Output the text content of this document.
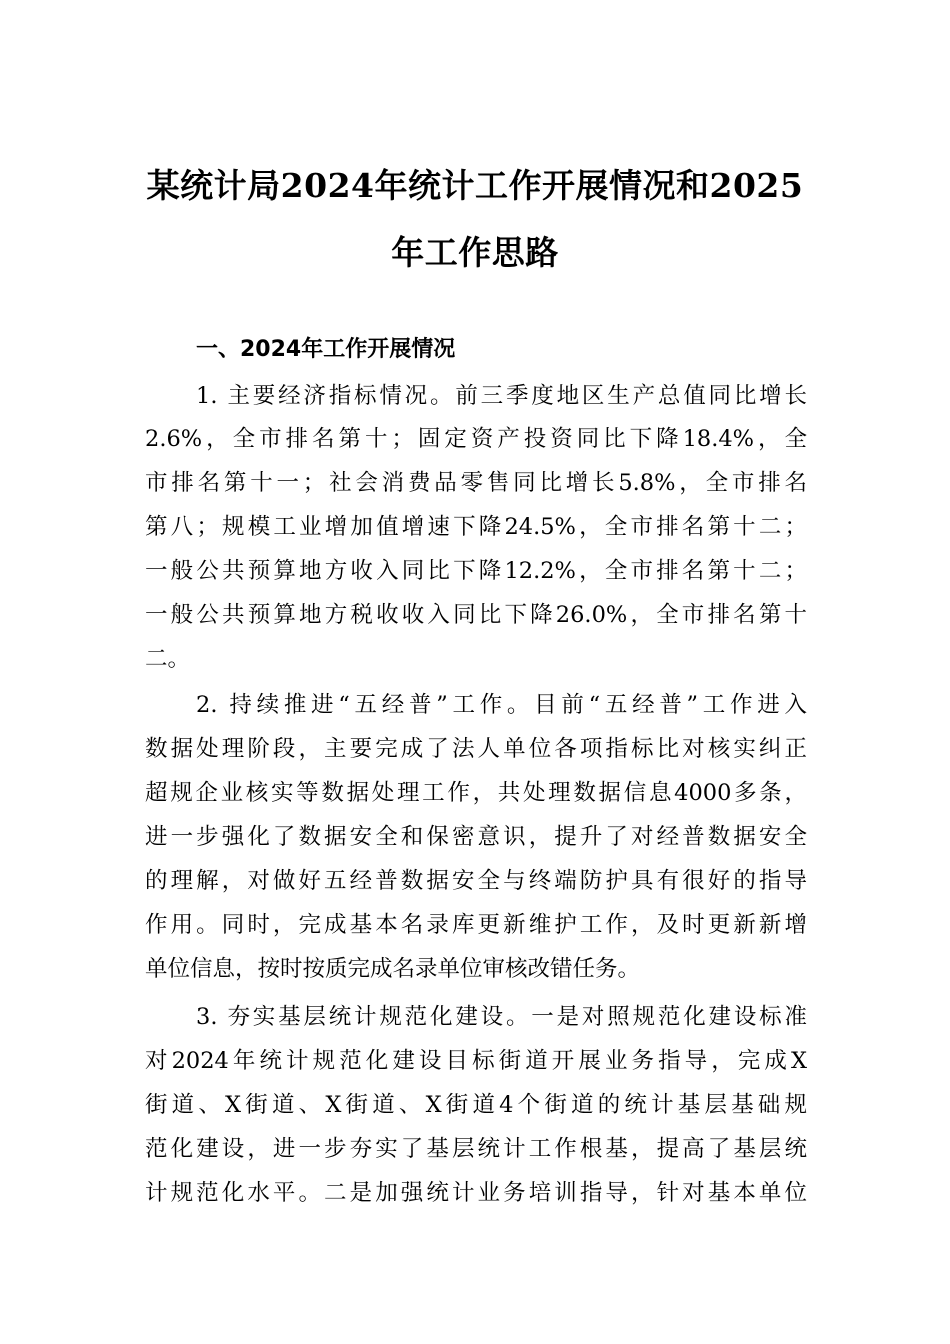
某统计局2024年统计工作开展情况和2025
年工作思路
一、2024年工作开展情况

1. 主要经济指标情况。前三季度地区生产总值同比增长

2.6%，全市排名第十；固定资产投资同比下降18.4%，全

市排名第十一；社会消费品零售同比增长5.8%，全市排名

第八；规模工业增加值增速下降24.5%，全市排名第十二；

一般公共预算地方收入同比下降12.2%，全市排名第十二；

一般公共预算地方税收收入同比下降26.0%，全市排名第十

二。

2. 持续推进“五经普”工作。目前“五经普”工作进入

数据处理阶段，主要完成了法人单位各项指标比对核实纠正

超规企业核实等数据处理工作，共处理数据信息4000多条，

进一步强化了数据安全和保密意识，提升了对经普数据安全

的理解，对做好五经普数据安全与终端防护具有很好的指导

作用。同时，完成基本名录库更新维护工作，及时更新新增

单位信息，按时按质完成名录单位审核改错任务。

3. 夯实基层统计规范化建设。一是对照规范化建设标准

对2024年统计规范化建设目标街道开展业务指导，完成X

街道、X街道、X街道、X街道4个街道的统计基层基础规

范化建设，进一步夯实了基层统计工作根基，提高了基层统

计规范化水平。二是加强统计业务培训指导，针对基本单位
